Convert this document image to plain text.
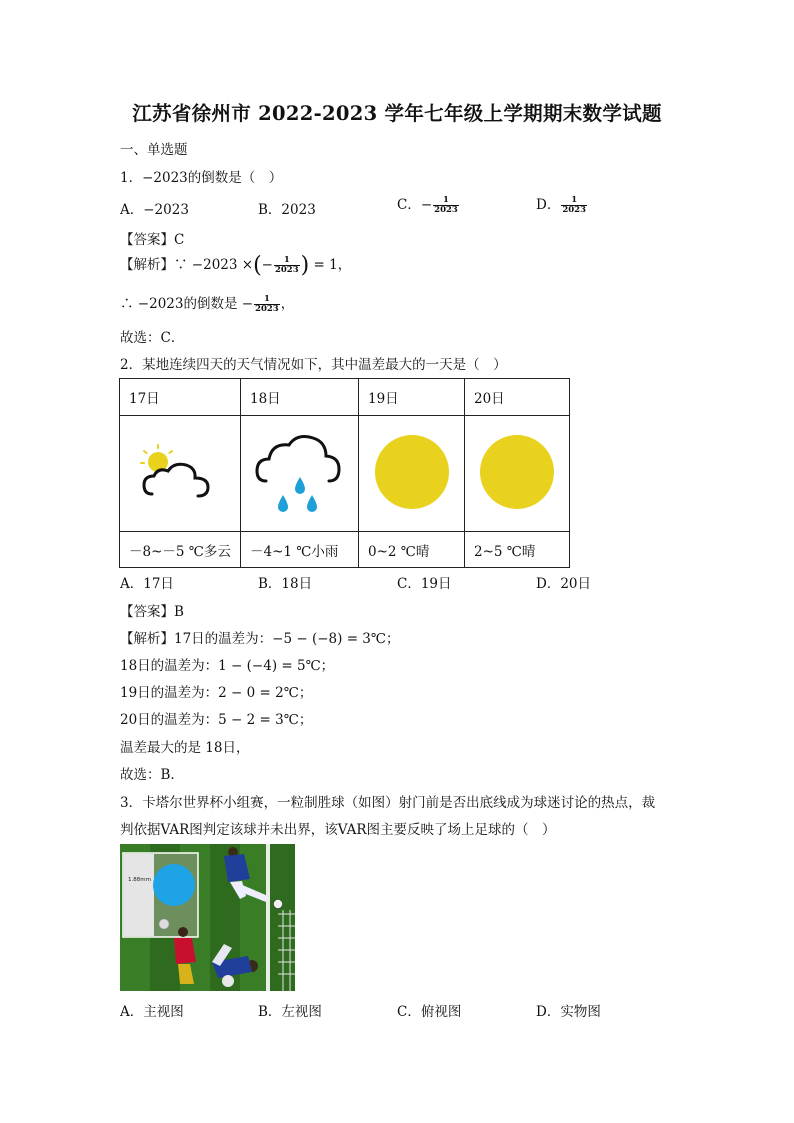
江苏省徐州市 2022-2023 学年七年级上学期期末数学试题
一、单选题
1．−2023的倒数是（　）
A．−2023	B．2023	C．− $\frac{1}{2023}$	D． $\frac{1}{2023}$
【答案】C
【解析】∵ −2023 ×(− $\frac{1}{2023}$ ) = 1，
∴ −2023的倒数是 − $\frac{1}{2023}$ ，
故选：C．
2．某地连续四天的天气情况如下，其中温差最大的一天是（　）
17日	18日	19日	20日

－8~－5 ℃多云	－4~1 ℃小雨	0~2 ℃晴	2~5 ℃晴
A．17日	B．18日	C．19日	D．20日
【答案】B
【解析】17日的温差为：−5 − (−8) = 3℃；
18日的温差为：1 − (−4) = 5℃；
19日的温差为：2 − 0 = 2℃；
20日的温差为：5 − 2 = 3℃；
温差最大的是 18日，
故选：B.
3．卡塔尔世界杯小组赛，一粒制胜球（如图）射门前是否出底线成为球迷讨论的热点，裁
判依据VAR图判定该球并未出界，该VAR图主要反映了场上足球的（　）
1.88mm
A．主视图	B．左视图	C．俯视图	D．实物图
